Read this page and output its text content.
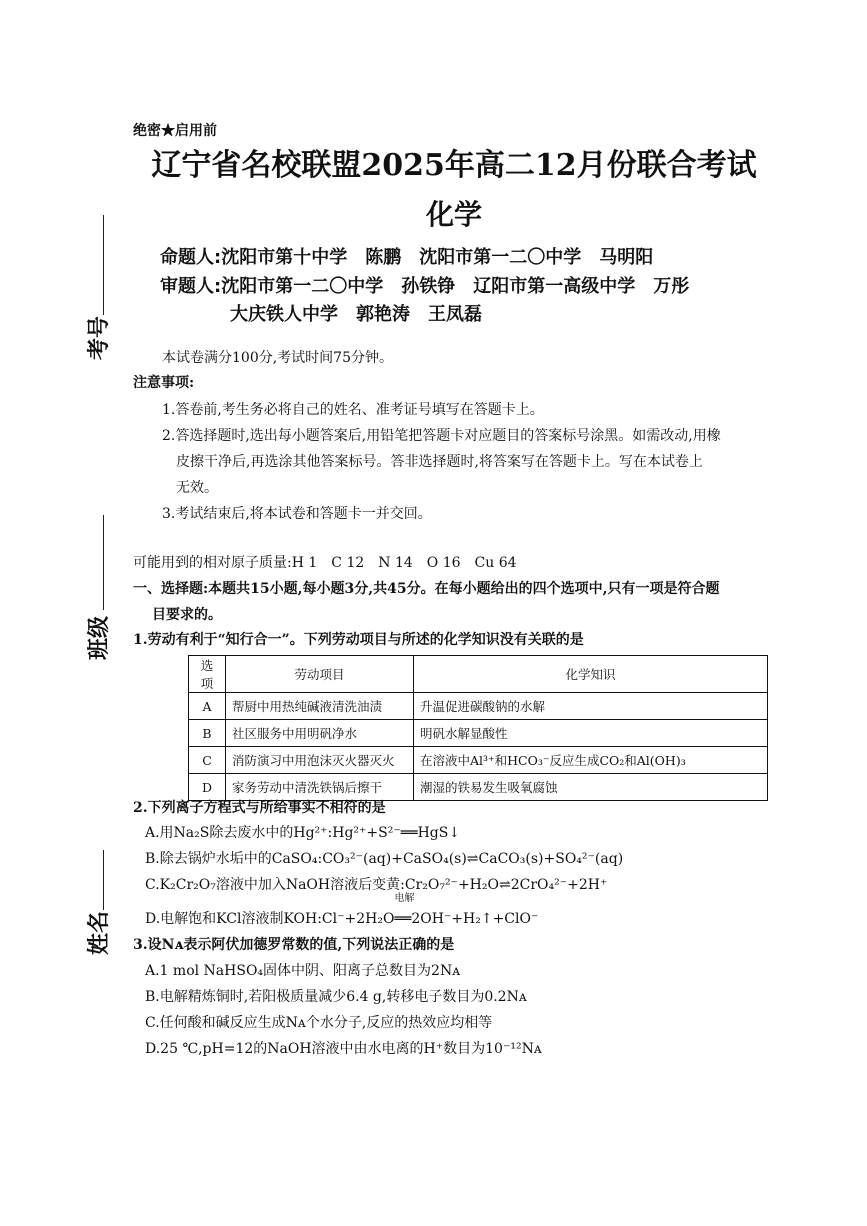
考号
班级
姓名
绝密★启用前
辽宁省名校联盟2025年高二12月份联合考试
化学
命题人:沈阳市第十中学　陈鹏　沈阳市第一二〇中学　马明阳
审题人:沈阳市第一二〇中学　孙铁铮　辽阳市第一高级中学　万彤
大庆铁人中学　郭艳涛　王凤磊
本试卷满分100分,考试时间75分钟。
注意事项:
1.答卷前,考生务必将自己的姓名、准考证号填写在答题卡上。
2.答选择题时,选出每小题答案后,用铅笔把答题卡对应题目的答案标号涂黑。如需改动,用橡
皮擦干净后,再选涂其他答案标号。答非选择题时,将答案写在答题卡上。写在本试卷上
无效。
3.考试结束后,将本试卷和答题卡一并交回。
可能用到的相对原子质量:H 1　C 12　N 14　O 16　Cu 64
一、选择题:本题共15小题,每小题3分,共45分。在每小题给出的四个选项中,只有一项是符合题
目要求的。
1.劳动有利于“知行合一”。下列劳动项目与所述的化学知识没有关联的是
选项	劳动项目	化学知识
A	帮厨中用热纯碱液清洗油渍	升温促进碳酸钠的水解
B	社区服务中用明矾净水	明矾水解显酸性
C	消防演习中用泡沫灭火器灭火	在溶液中Al³⁺和HCO₃⁻反应生成CO₂和Al(OH)₃
D	家务劳动中清洗铁锅后擦干	潮湿的铁易发生吸氧腐蚀
2.下列离子方程式与所给事实不相符的是
A.用Na₂S除去废水中的Hg²⁺:Hg²⁺+S²⁻══HgS↓
B.除去锅炉水垢中的CaSO₄:CO₃²⁻(aq)+CaSO₄(s)⇌CaCO₃(s)+SO₄²⁻(aq)
C.K₂Cr₂O₇溶液中加入NaOH溶液后变黄:Cr₂O₇²⁻+H₂O⇌2CrO₄²⁻+2H⁺
D.电解饱和KCl溶液制KOH:Cl⁻+2H₂O
电解
══2OH⁻+H₂↑+ClO⁻
3.设Nᴀ表示阿伏加德罗常数的值,下列说法正确的是
A.1 mol NaHSO₄固体中阴、阳离子总数目为2Nᴀ
B.电解精炼铜时,若阳极质量减少6.4 g,转移电子数目为0.2Nᴀ
C.任何酸和碱反应生成Nᴀ个水分子,反应的热效应均相等
D.25 ℃,pH=12的NaOH溶液中由水电离的H⁺数目为10⁻¹²Nᴀ
